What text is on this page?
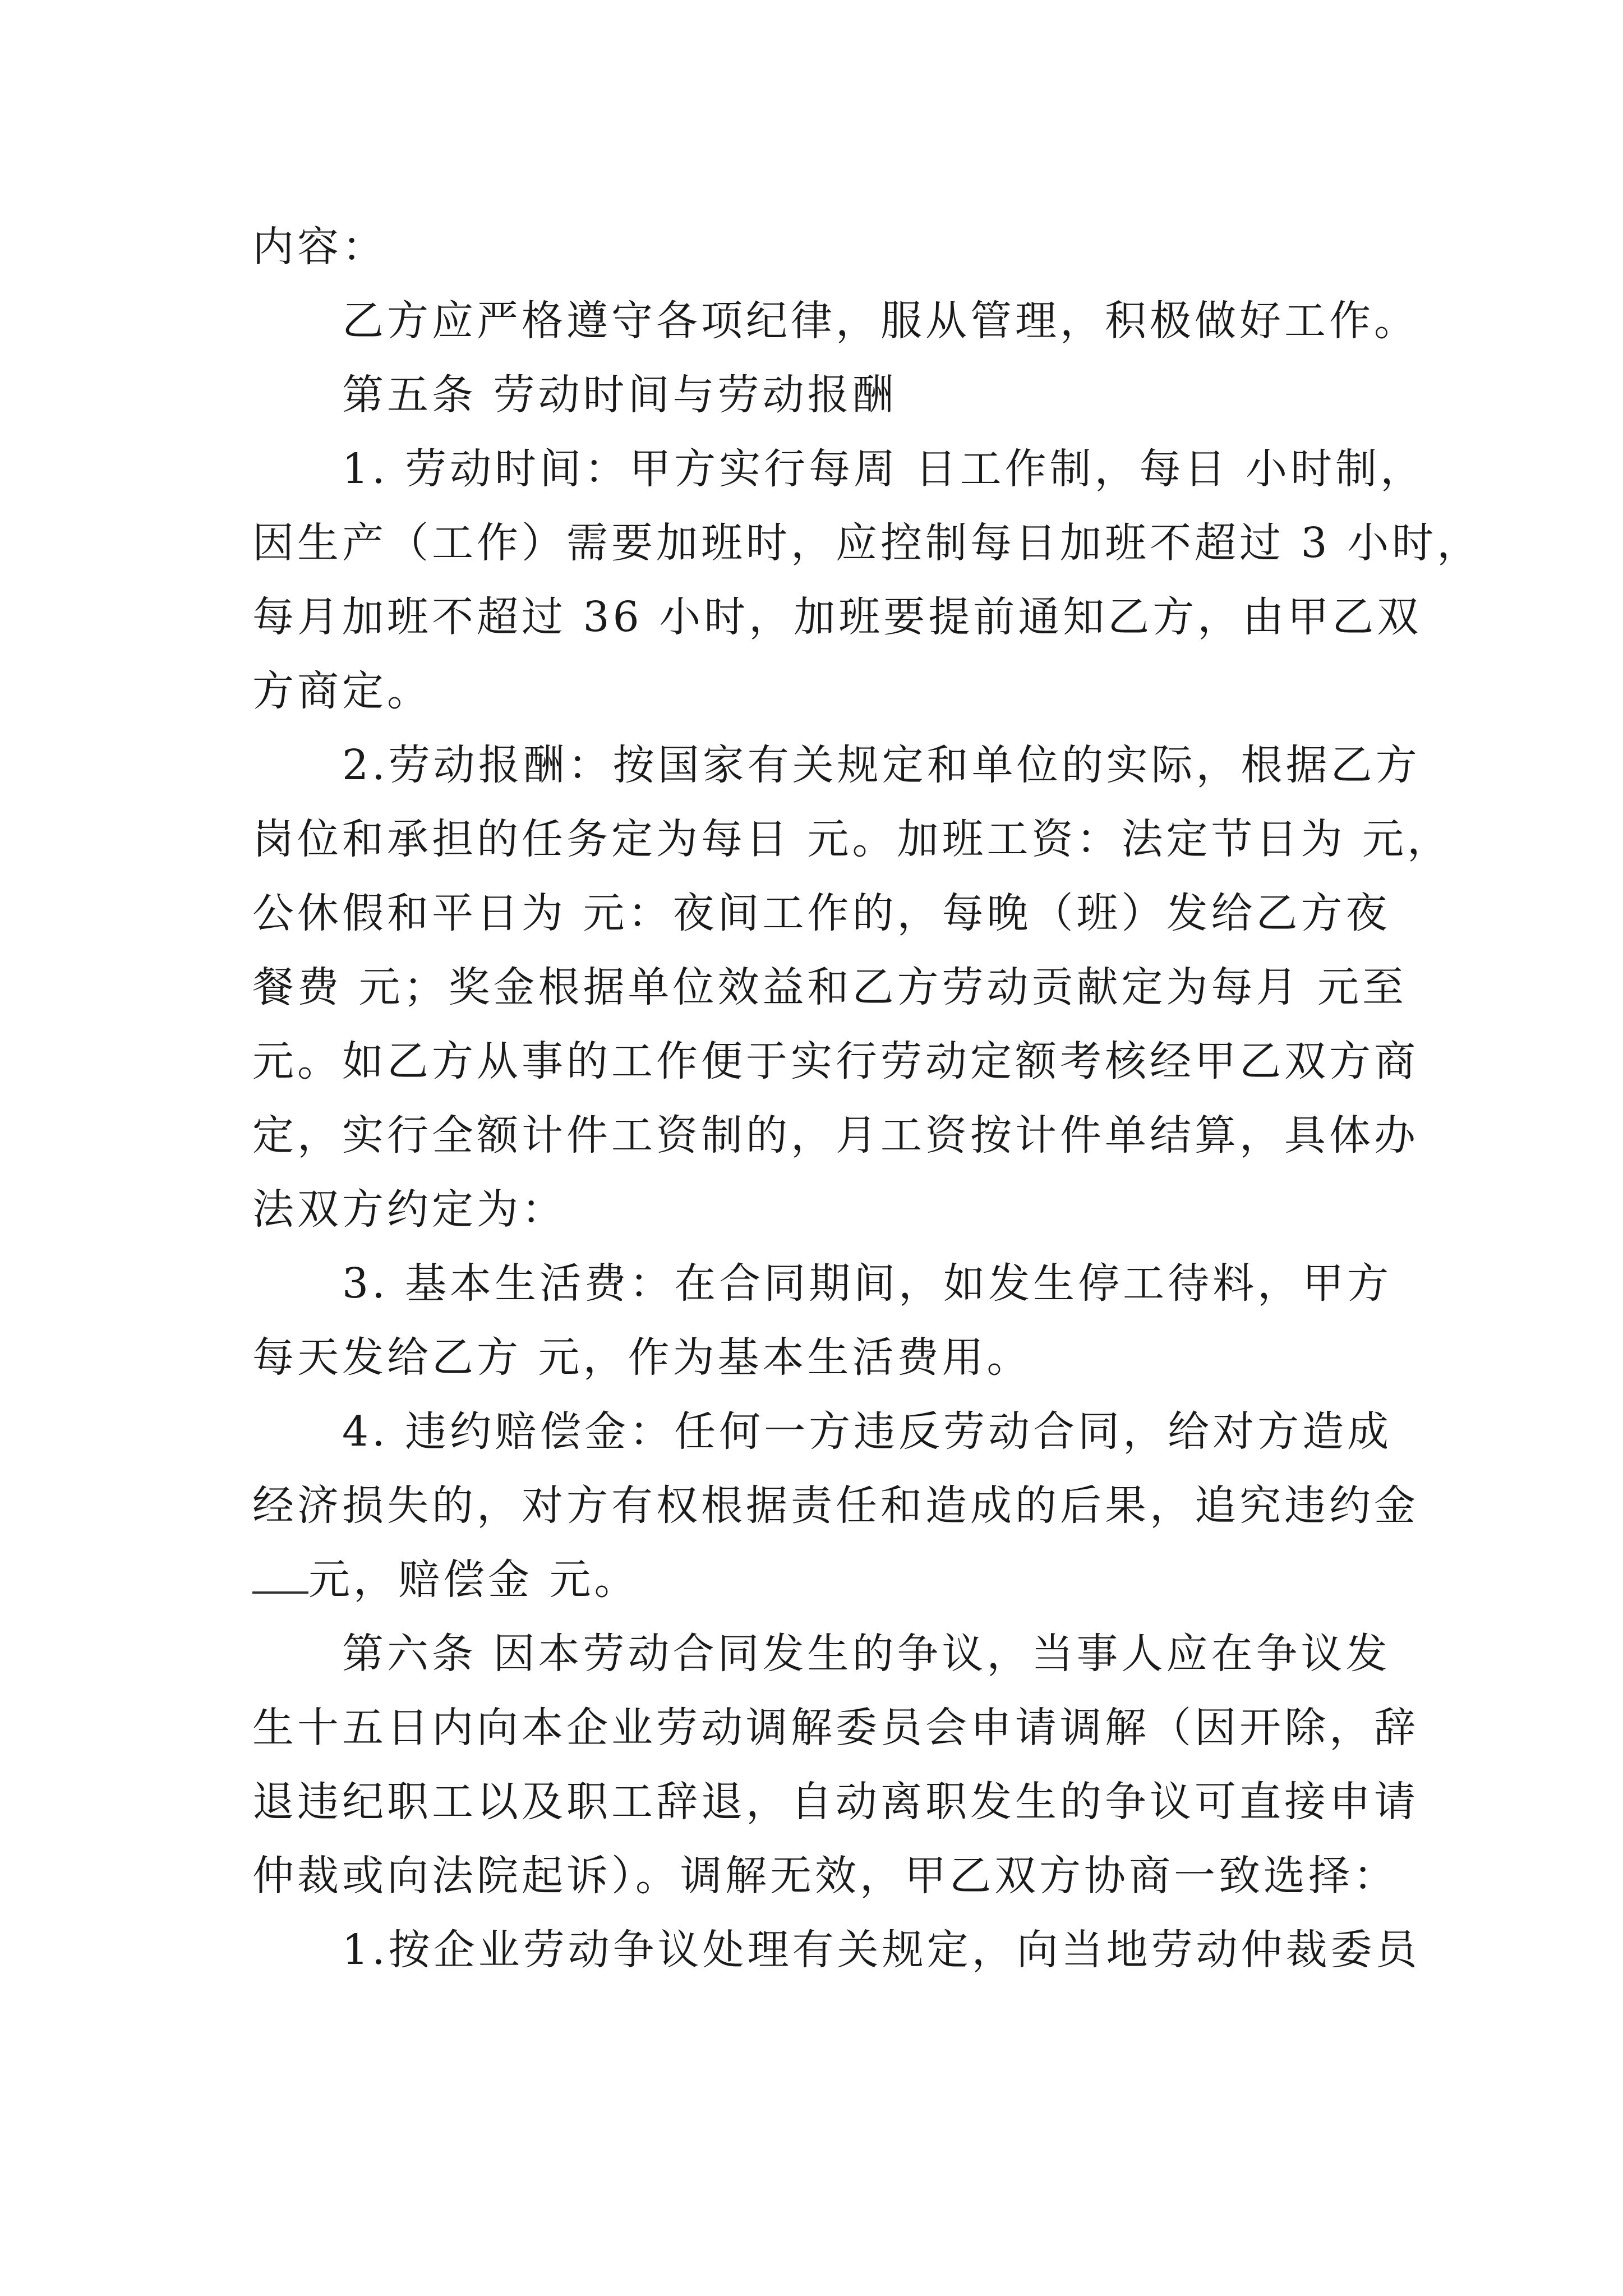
内容：

乙方应严格遵守各项纪律，服从管理，积极做好工作。

第五条 劳动时间与劳动报酬

1. 劳动时间：甲方实行每周 日工作制，每日 小时制，

因生产（工作）需要加班时，应控制每日加班不超过 3 小时，

每月加班不超过 36 小时，加班要提前通知乙方，由甲乙双

方商定。

2.劳动报酬：按国家有关规定和单位的实际，根据乙方

岗位和承担的任务定为每日 元。加班工资：法定节日为 元，

公休假和平日为 元：夜间工作的，每晚（班）发给乙方夜

餐费 元；奖金根据单位效益和乙方劳动贡献定为每月 元至

元。如乙方从事的工作便于实行劳动定额考核经甲乙双方商

定，实行全额计件工资制的，月工资按计件单结算，具体办

法双方约定为：

3. 基本生活费：在合同期间，如发生停工待料，甲方

每天发给乙方 元，作为基本生活费用。

4. 违约赔偿金：任何一方违反劳动合同，给对方造成

经济损失的，对方有权根据责任和造成的后果，追究违约金

元，赔偿金 元。

第六条 因本劳动合同发生的争议，当事人应在争议发

生十五日内向本企业劳动调解委员会申请调解（因开除，辞

退违纪职工以及职工辞退，自动离职发生的争议可直接申请

仲裁或向法院起诉）。调解无效，甲乙双方协商一致选择：

1.按企业劳动争议处理有关规定，向当地劳动仲裁委员
